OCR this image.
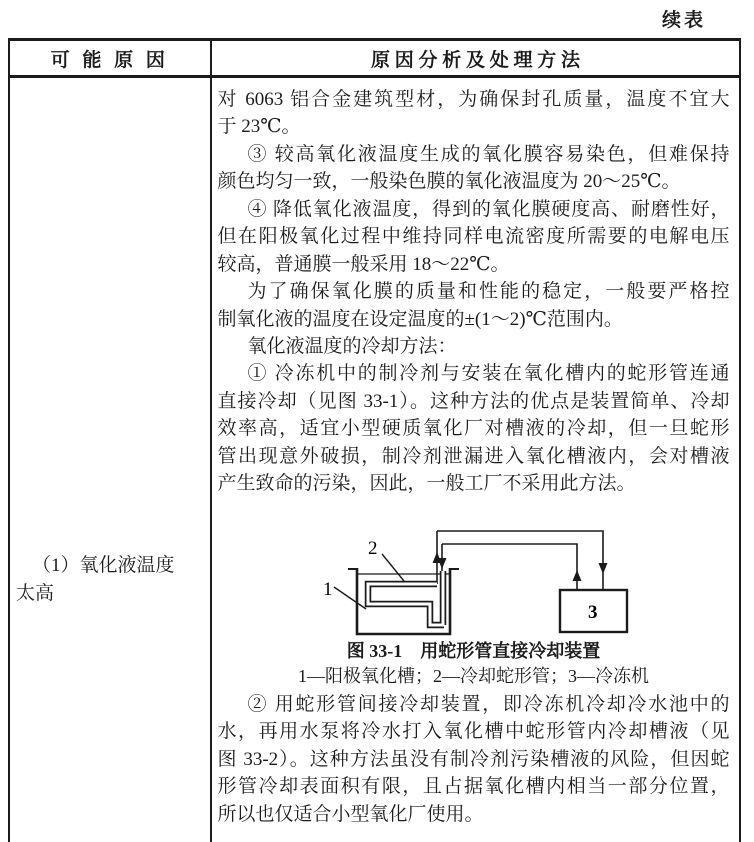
续表
可 能 原 因	原 因 分 析 及 处 理 方 法
（1）氧化液温度
太高
对 6063 铝合金建筑型材，为确保封孔质量，温度不宜大
于 23℃。
③ 较高氧化液温度生成的氧化膜容易染色，但难保持
颜色均匀一致，一般染色膜的氧化液温度为 20～25℃。
④ 降低氧化液温度，得到的氧化膜硬度高、耐磨性好，
但在阳极氧化过程中维持同样电流密度所需要的电解电压
较高，普通膜一般采用 18～22℃。
为了确保氧化膜的质量和性能的稳定，一般要严格控
制氧化液的温度在设定温度的±(1～2)℃范围内。
氧化液温度的冷却方法：
① 冷冻机中的制冷剂与安装在氧化槽内的蛇形管连通
直接冷却（见图 33-1）。这种方法的优点是装置简单、冷却
效率高，适宜小型硬质氧化厂对槽液的冷却，但一旦蛇形
管出现意外破损，制冷剂泄漏进入氧化槽液内，会对槽液
产生致命的污染，因此，一般工厂不采用此方法。
1
2
3
图 33-1　用蛇形管直接冷却装置
1—阳极氧化槽；2—冷却蛇形管；3—冷冻机
② 用蛇形管间接冷却装置，即冷冻机冷却冷水池中的
水，再用水泵将冷水打入氧化槽中蛇形管内冷却槽液（见
图 33-2）。这种方法虽没有制冷剂污染槽液的风险，但因蛇
形管冷却表面积有限，且占据氧化槽内相当一部分位置，
所以也仅适合小型氧化厂使用。
